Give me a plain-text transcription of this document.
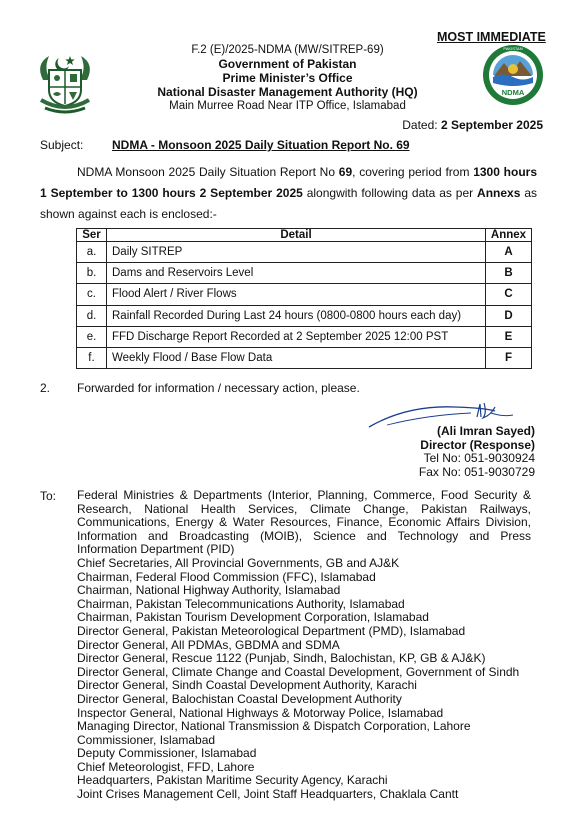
MOST IMMEDIATE
NDMA
PAKISTAN
F.2 (E)/2025-NDMA (MW/SITREP-69)
Government of Pakistan
Prime Minister’s Office
National Disaster Management Authority (HQ)
Main Murree Road Near ITP Office, Islamabad
Dated: 2 September 2025
Subject: NDMA - Monsoon 2025 Daily Situation Report No. 69

NDMA Monsoon 2025 Daily Situation Report No 69, covering period from 1300 hours 1 September to 1300 hours 2 September 2025 alongwith following data as per Annexs as shown against each is enclosed:-

Ser	Detail	Annex
a.	Daily SITREP	A
b.	Dams and Reservoirs Level	B
c.	Flood Alert / River Flows	C
d.	Rainfall Recorded During Last 24 hours (0800-0800 hours each day)	D
e.	FFD Discharge Report Recorded at 2 September 2025 12:00 PST	E
f.	Weekly Flood / Base Flow Data	F
2. Forwarded for information / necessary action, please.
(Ali Imran Sayed)
Director (Response)
Tel No: 051-9030924
Fax No: 051-9030729
To: Federal Ministries & Departments (Interior, Planning, Commerce, Food Security & Research, National Health Services, Climate Change, Pakistan Railways, Communications, Energy & Water Resources, Finance, Economic Affairs Division, Information and Broadcasting (MOIB), Science and Technology and Press Information Department (PID)
Chief Secretaries, All Provincial Governments, GB and AJ&K
Chairman, Federal Flood Commission (FFC), Islamabad
Chairman, National Highway Authority, Islamabad
Chairman, Pakistan Telecommunications Authority, Islamabad
Chairman, Pakistan Tourism Development Corporation, Islamabad
Director General, Pakistan Meteorological Department (PMD), Islamabad
Director General, All PDMAs, GBDMA and SDMA
Director General, Rescue 1122 (Punjab, Sindh, Balochistan, KP, GB & AJ&K)
Director General, Climate Change and Coastal Development, Government of Sindh
Director General, Sindh Coastal Development Authority, Karachi
Director General, Balochistan Coastal Development Authority
Inspector General, National Highways & Motorway Police, Islamabad
Managing Director, National Transmission & Dispatch Corporation, Lahore
Commissioner, Islamabad
Deputy Commissioner, Islamabad
Chief Meteorologist, FFD, Lahore
Headquarters, Pakistan Maritime Security Agency, Karachi
Joint Crises Management Cell, Joint Staff Headquarters, Chaklala Cantt
